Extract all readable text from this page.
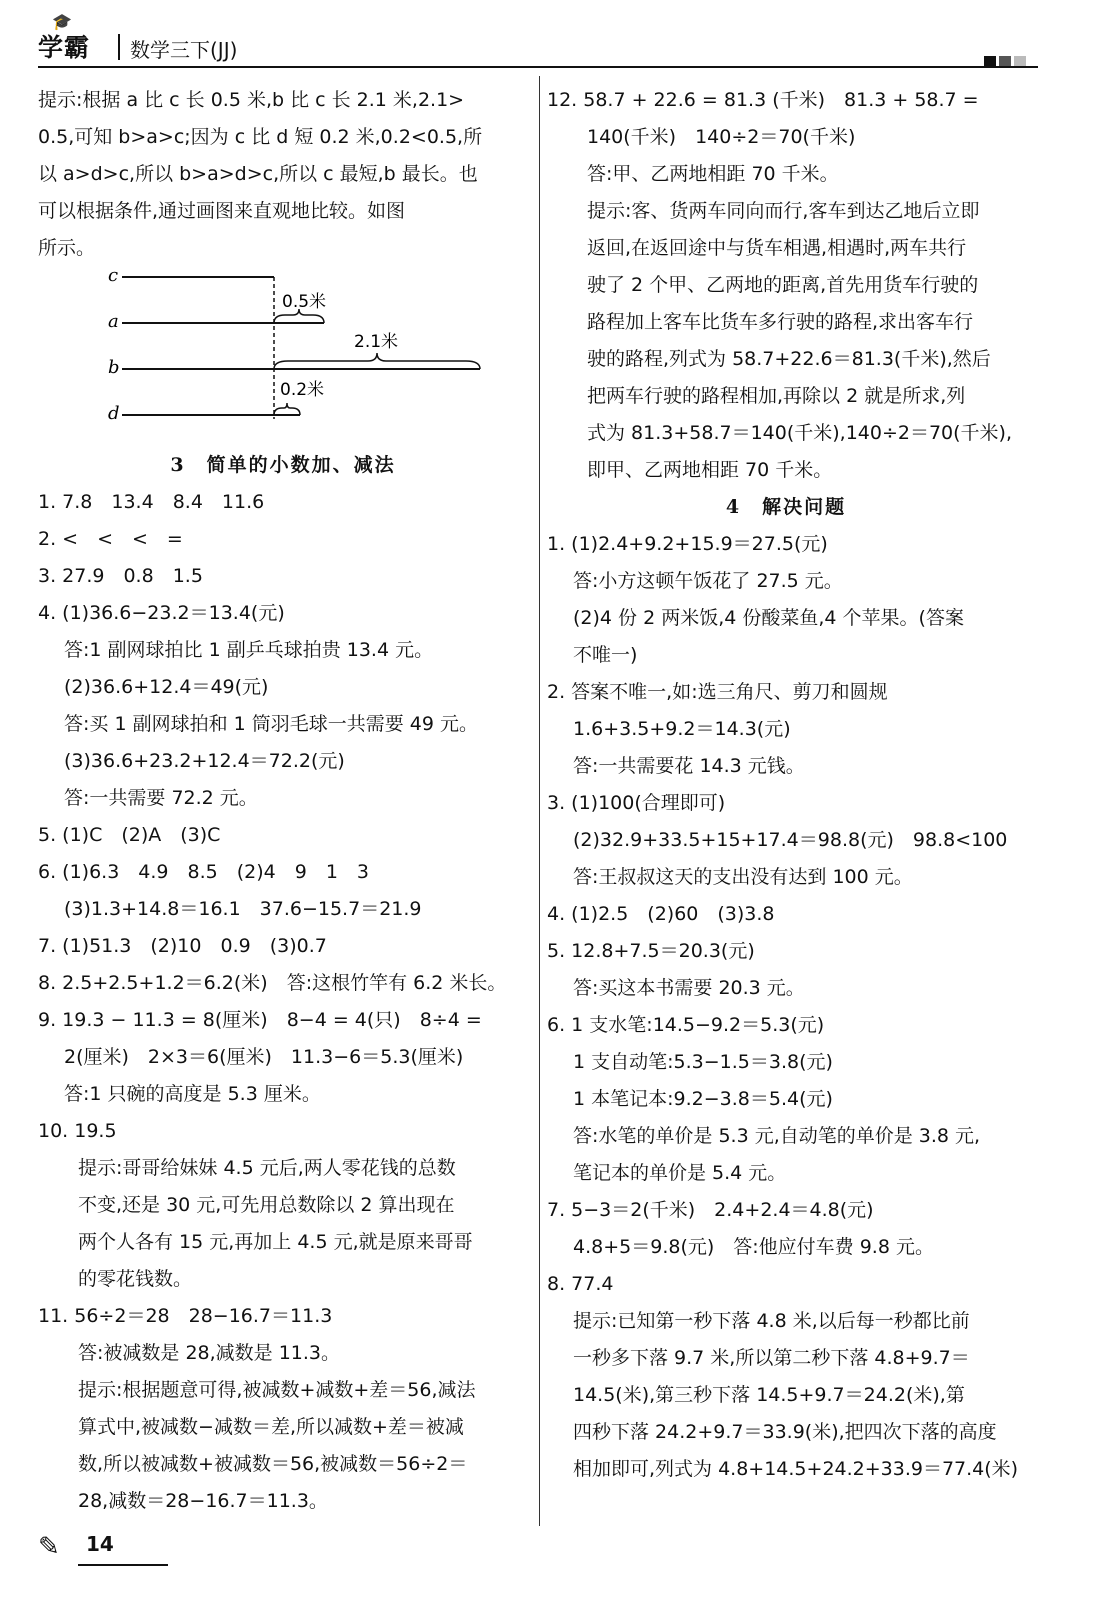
🎓
学霸 数学三下(JJ)
提示:根据 a 比 c 长 0.5 米,b 比 c 长 2.1 米,2.1>
0.5,可知 b>a>c;因为 c 比 d 短 0.2 米,0.2<0.5,所
以 a>d>c,所以 b>a>d>c,所以 c 最短,b 最长。也
可以根据条件,通过画图来直观地比较。如图
所示。
c
a
b
d
0.5米
2.1米
0.2米
3　简单的小数加、减法
1. 7.8　13.4　8.4　11.6
2. <　<　<　=
3. 27.9　0.8　1.5
4. (1)36.6−23.2＝13.4(元)
答:1 副网球拍比 1 副乒乓球拍贵 13.4 元。
(2)36.6+12.4＝49(元)
答:买 1 副网球拍和 1 筒羽毛球一共需要 49 元。
(3)36.6+23.2+12.4＝72.2(元)
答:一共需要 72.2 元。
5. (1)C　(2)A　(3)C
6. (1)6.3　4.9　8.5　(2)4　9　1　3
(3)1.3+14.8＝16.1　37.6−15.7＝21.9
7. (1)51.3　(2)10　0.9　(3)0.7
8. 2.5+2.5+1.2＝6.2(米)　答:这根竹竿有 6.2 米长。
9. 19.3 − 11.3 = 8(厘米)　8−4 = 4(只)　8÷4 =
2(厘米)　2×3＝6(厘米)　11.3−6＝5.3(厘米)
答:1 只碗的高度是 5.3 厘米。
10. 19.5
提示:哥哥给妹妹 4.5 元后,两人零花钱的总数
不变,还是 30 元,可先用总数除以 2 算出现在
两个人各有 15 元,再加上 4.5 元,就是原来哥哥
的零花钱数。
11. 56÷2＝28　28−16.7＝11.3
答:被减数是 28,减数是 11.3。
提示:根据题意可得,被减数+减数+差＝56,减法
算式中,被减数−减数＝差,所以减数+差＝被减
数,所以被减数+被减数＝56,被减数＝56÷2＝
28,减数＝28−16.7＝11.3。
12. 58.7 + 22.6 = 81.3 (千米)　81.3 + 58.7 =
140(千米)　140÷2＝70(千米)
答:甲、乙两地相距 70 千米。
提示:客、货两车同向而行,客车到达乙地后立即
返回,在返回途中与货车相遇,相遇时,两车共行
驶了 2 个甲、乙两地的距离,首先用货车行驶的
路程加上客车比货车多行驶的路程,求出客车行
驶的路程,列式为 58.7+22.6＝81.3(千米),然后
把两车行驶的路程相加,再除以 2 就是所求,列
式为 81.3+58.7＝140(千米),140÷2＝70(千米),
即甲、乙两地相距 70 千米。
4　解决问题
1. (1)2.4+9.2+15.9＝27.5(元)
答:小方这顿午饭花了 27.5 元。
(2)4 份 2 两米饭,4 份酸菜鱼,4 个苹果。(答案
不唯一)
2. 答案不唯一,如:选三角尺、剪刀和圆规
1.6+3.5+9.2＝14.3(元)
答:一共需要花 14.3 元钱。
3. (1)100(合理即可)
(2)32.9+33.5+15+17.4＝98.8(元)　98.8<100
答:王叔叔这天的支出没有达到 100 元。
4. (1)2.5　(2)60　(3)3.8
5. 12.8+7.5＝20.3(元)
答:买这本书需要 20.3 元。
6. 1 支水笔:14.5−9.2＝5.3(元)
1 支自动笔:5.3−1.5＝3.8(元)
1 本笔记本:9.2−3.8＝5.4(元)
答:水笔的单价是 5.3 元,自动笔的单价是 3.8 元,
笔记本的单价是 5.4 元。
7. 5−3＝2(千米)　2.4+2.4＝4.8(元)
4.8+5＝9.8(元)　答:他应付车费 9.8 元。
8. 77.4
提示:已知第一秒下落 4.8 米,以后每一秒都比前
一秒多下落 9.7 米,所以第二秒下落 4.8+9.7＝
14.5(米),第三秒下落 14.5+9.7＝24.2(米),第
四秒下落 24.2+9.7＝33.9(米),把四次下落的高度
相加即可,列式为 4.8+14.5+24.2+33.9＝77.4(米)
✎ 14
